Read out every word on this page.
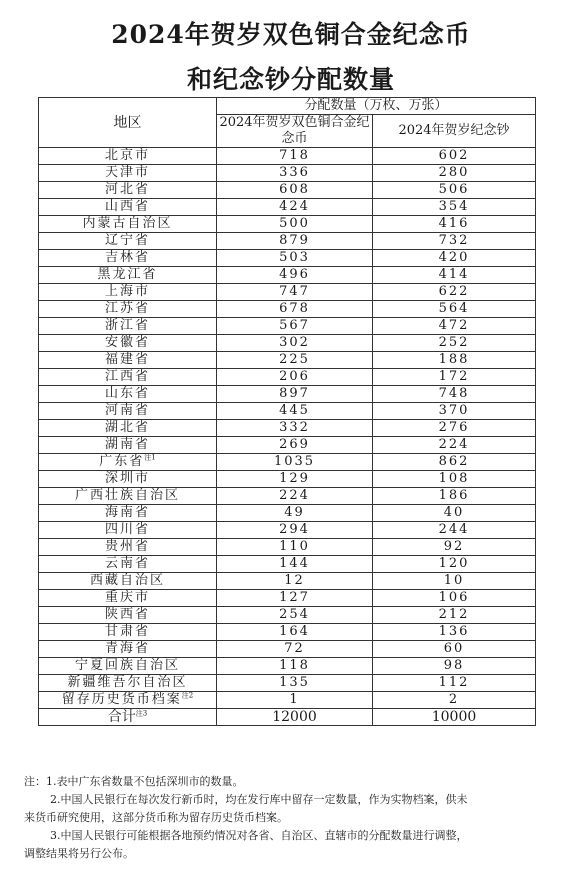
2024年贺岁双色铜合金纪念币
和纪念钞分配数量
地区	分配数量（万枚、万张）	
	2024年贺岁双色铜合金纪念币	2024年贺岁纪念钞
北京市	718	602
天津市	336	280
河北省	608	506
山西省	424	354
内蒙古自治区	500	416
辽宁省	879	732
吉林省	503	420
黑龙江省	496	414
上海市	747	622
江苏省	678	564
浙江省	567	472
安徽省	302	252
福建省	225	188
江西省	206	172
山东省	897	748
河南省	445	370
湖北省	332	276
湖南省	269	224
广东省$^{注1}$	1035	862
深圳市	129	108
广西壮族自治区	224	186
海南省	49	40
四川省	294	244
贵州省	110	92
云南省	144	120
西藏自治区	12	10
重庆市	127	106
陕西省	254	212
甘肃省	164	136
青海省	72	60
宁夏回族自治区	118	98
新疆维吾尔自治区	135	112
留存历史货币档案$^{注2}$	1	2
合计$^{注3}$	12000	10000
注：1.表中广东省数量不包括深圳市的数量。
2.中国人民银行在每次发行新币时，均在发行库中留存一定数量，作为实物档案，供未
来货币研究使用，这部分货币称为留存历史货币档案。
3.中国人民银行可能根据各地预约情况对各省、自治区、直辖市的分配数量进行调整，
调整结果将另行公布。
